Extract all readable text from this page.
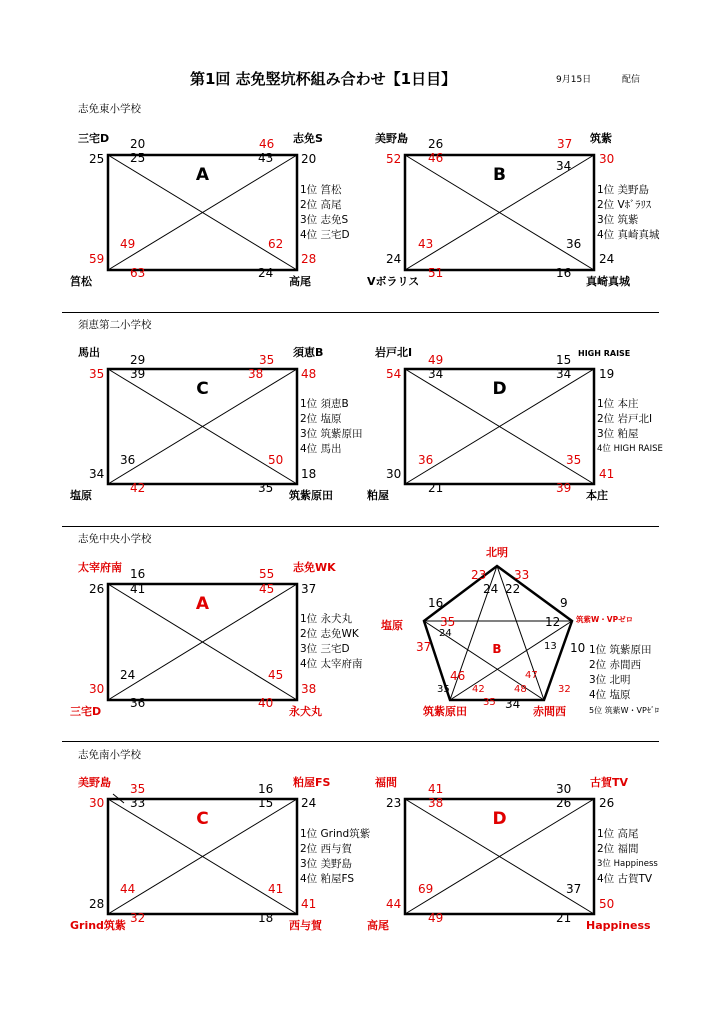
第1回 志免竪坑杯組み合わせ【1日目】	9月15日	配信
志免東小学校
須恵第二小学校
志免中央小学校
志免南小学校
A
三宅D	志免S
筥松	高尾
20	46
25 25	43 20
49	62
59	28
63	24
1位 筥松
2位 高尾
3位 志免S
4位 三宅D
B
美野島	筑紫
Vボラリス	真崎真城
26	37
52 46
34 30
43	36
24	24
51	16
1位 美野島
2位 Vﾎﾞﾗﾘｽ
3位 筑紫
4位 真崎真城
C
馬出	須恵B
塩原	筑紫原田
29	35
35 39	38	48
36	50
34	18
42	35
1位 須恵B
2位 塩原
3位 筑紫原田
4位 馬出
D
岩戸北I	HIGH RAISE
粕屋	本庄
49	15
54 34	34 19
36	35
30	41
21	39
1位 本庄
2位 岩戸北I
3位 粕屋
4位 HIGH RAISE
A
太宰府南	志免WK
三宅D	永犬丸
16	55
26 41	45 37
24	45
30	38
36	40
1位 永犬丸
2位 志免WK
3位 三宅D
4位 太宰府南
B
北明
筑紫W・VPゼロ
赤間西
筑紫原田
塩原
23 33
24 22
16	9
35	12
24
37	13 10
46	47
35 42	48	32
35 34
1位 筑紫原田
2位 赤間西
3位 北明
4位 塩原
5位 筑紫W・VPｾﾞﾛ
C
美野島	粕屋FS
Grind筑紫	西与賀
35	16
30 33	15 24
44	41
28	41
32	18
1位 Grind筑紫
2位 西与賀
3位 美野島
4位 粕屋FS
D
福間	古賀TV
高尾	Happiness
41	30
23 38	26 26
69	37
44	50
49	21
1位 高尾
2位 福間
3位 Happiness
4位 古賀TV
